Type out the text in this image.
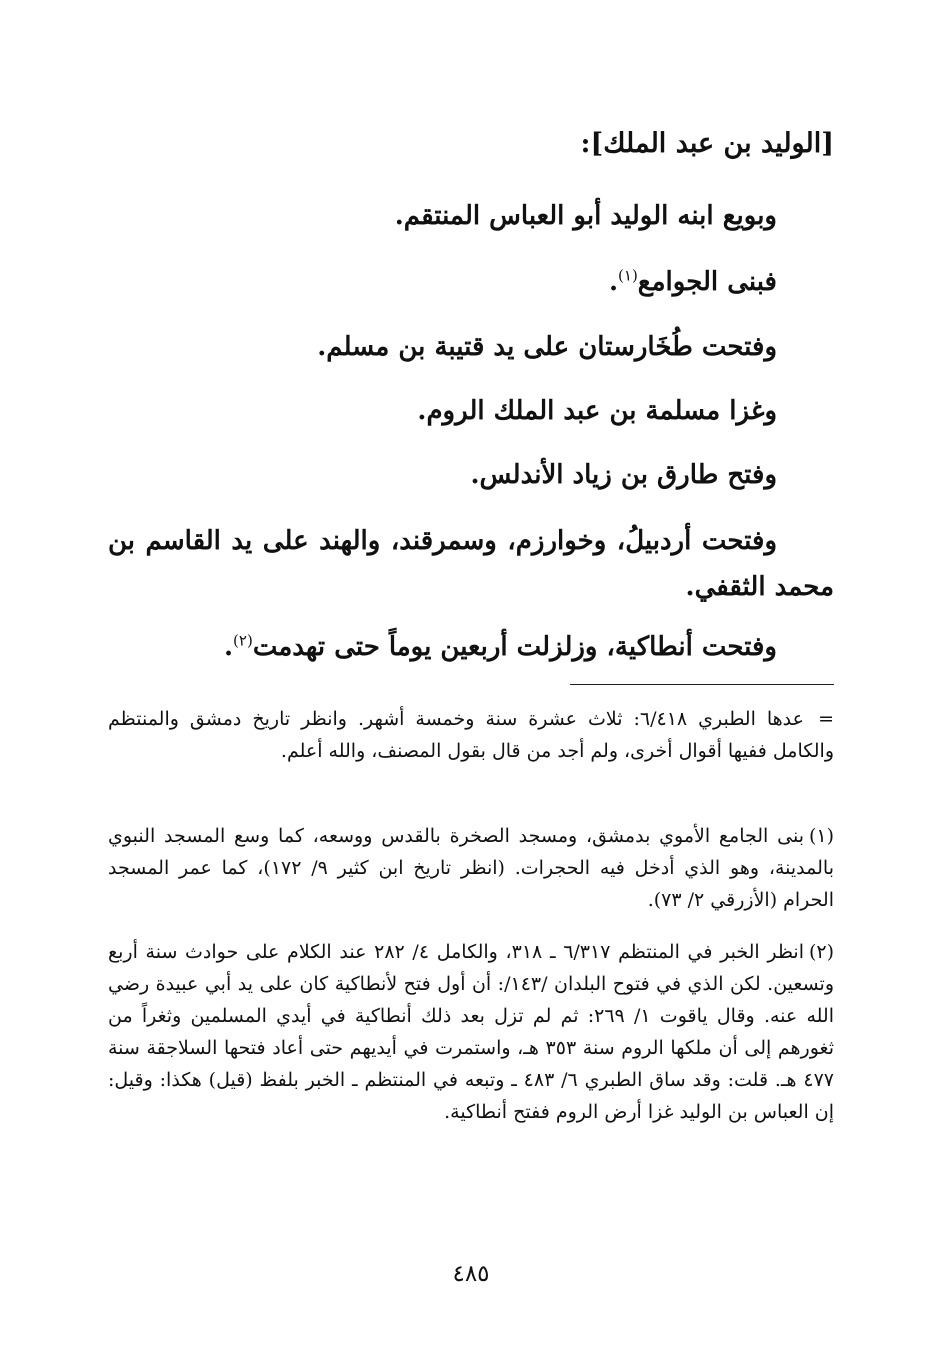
[الوليد بن عبد الملك]:
وبويع ابنه الوليد أبو العباس المنتقم.
فبنى الجوامع$^{(١)}$.
وفتحت طُخَارستان على يد قتيبة بن مسلم.
وغزا مسلمة بن عبد الملك الروم.
وفتح طارق بن زياد الأندلس.
وفتحت أردبيلُ، وخوارزم، وسمرقند، والهند على يد القاسم بن محمد الثقفي.
وفتحت أنطاكية، وزلزلت أربعين يوماً حتى تهدمت$^{(٢)}$.
=عدها الطبري ٦/٤١٨: ثلاث عشرة سنة وخمسة أشهر. وانظر تاريخ دمشق والمنتظم والكامل ففيها أقوال أخرى، ولم أجد من قال بقول المصنف، والله أعلم.
(١)بنى الجامع الأموي بدمشق، ومسجد الصخرة بالقدس ووسعه، كما وسع المسجد النبوي بالمدينة، وهو الذي أدخل فيه الحجرات. (انظر تاريخ ابن كثير ٩/ ١٧٢)، كما عمر المسجد الحرام (الأزرقي ٢/ ٧٣).
(٢)انظر الخبر في المنتظم ٦/٣١٧ ـ ٣١٨، والكامل ٤/ ٢٨٢ عند الكلام على حوادث سنة أربع وتسعين. لكن الذي في فتوح البلدان /١٤٣/: أن أول فتح لأنطاكية كان على يد أبي عبيدة رضي الله عنه. وقال ياقوت ١/ ٢٦٩: ثم لم تزل بعد ذلك أنطاكية في أيدي المسلمين وثغراً من ثغورهم إلى أن ملكها الروم سنة ٣٥٣ هـ، واستمرت في أيديهم حتى أعاد فتحها السلاجقة سنة ٤٧٧ هـ. قلت: وقد ساق الطبري ٦/ ٤٨٣ ـ وتبعه في المنتظم ـ الخبر بلفظ (قيل) هكذا: وقيل: إن العباس بن الوليد غزا أرض الروم ففتح أنطاكية.
٤٨٥
